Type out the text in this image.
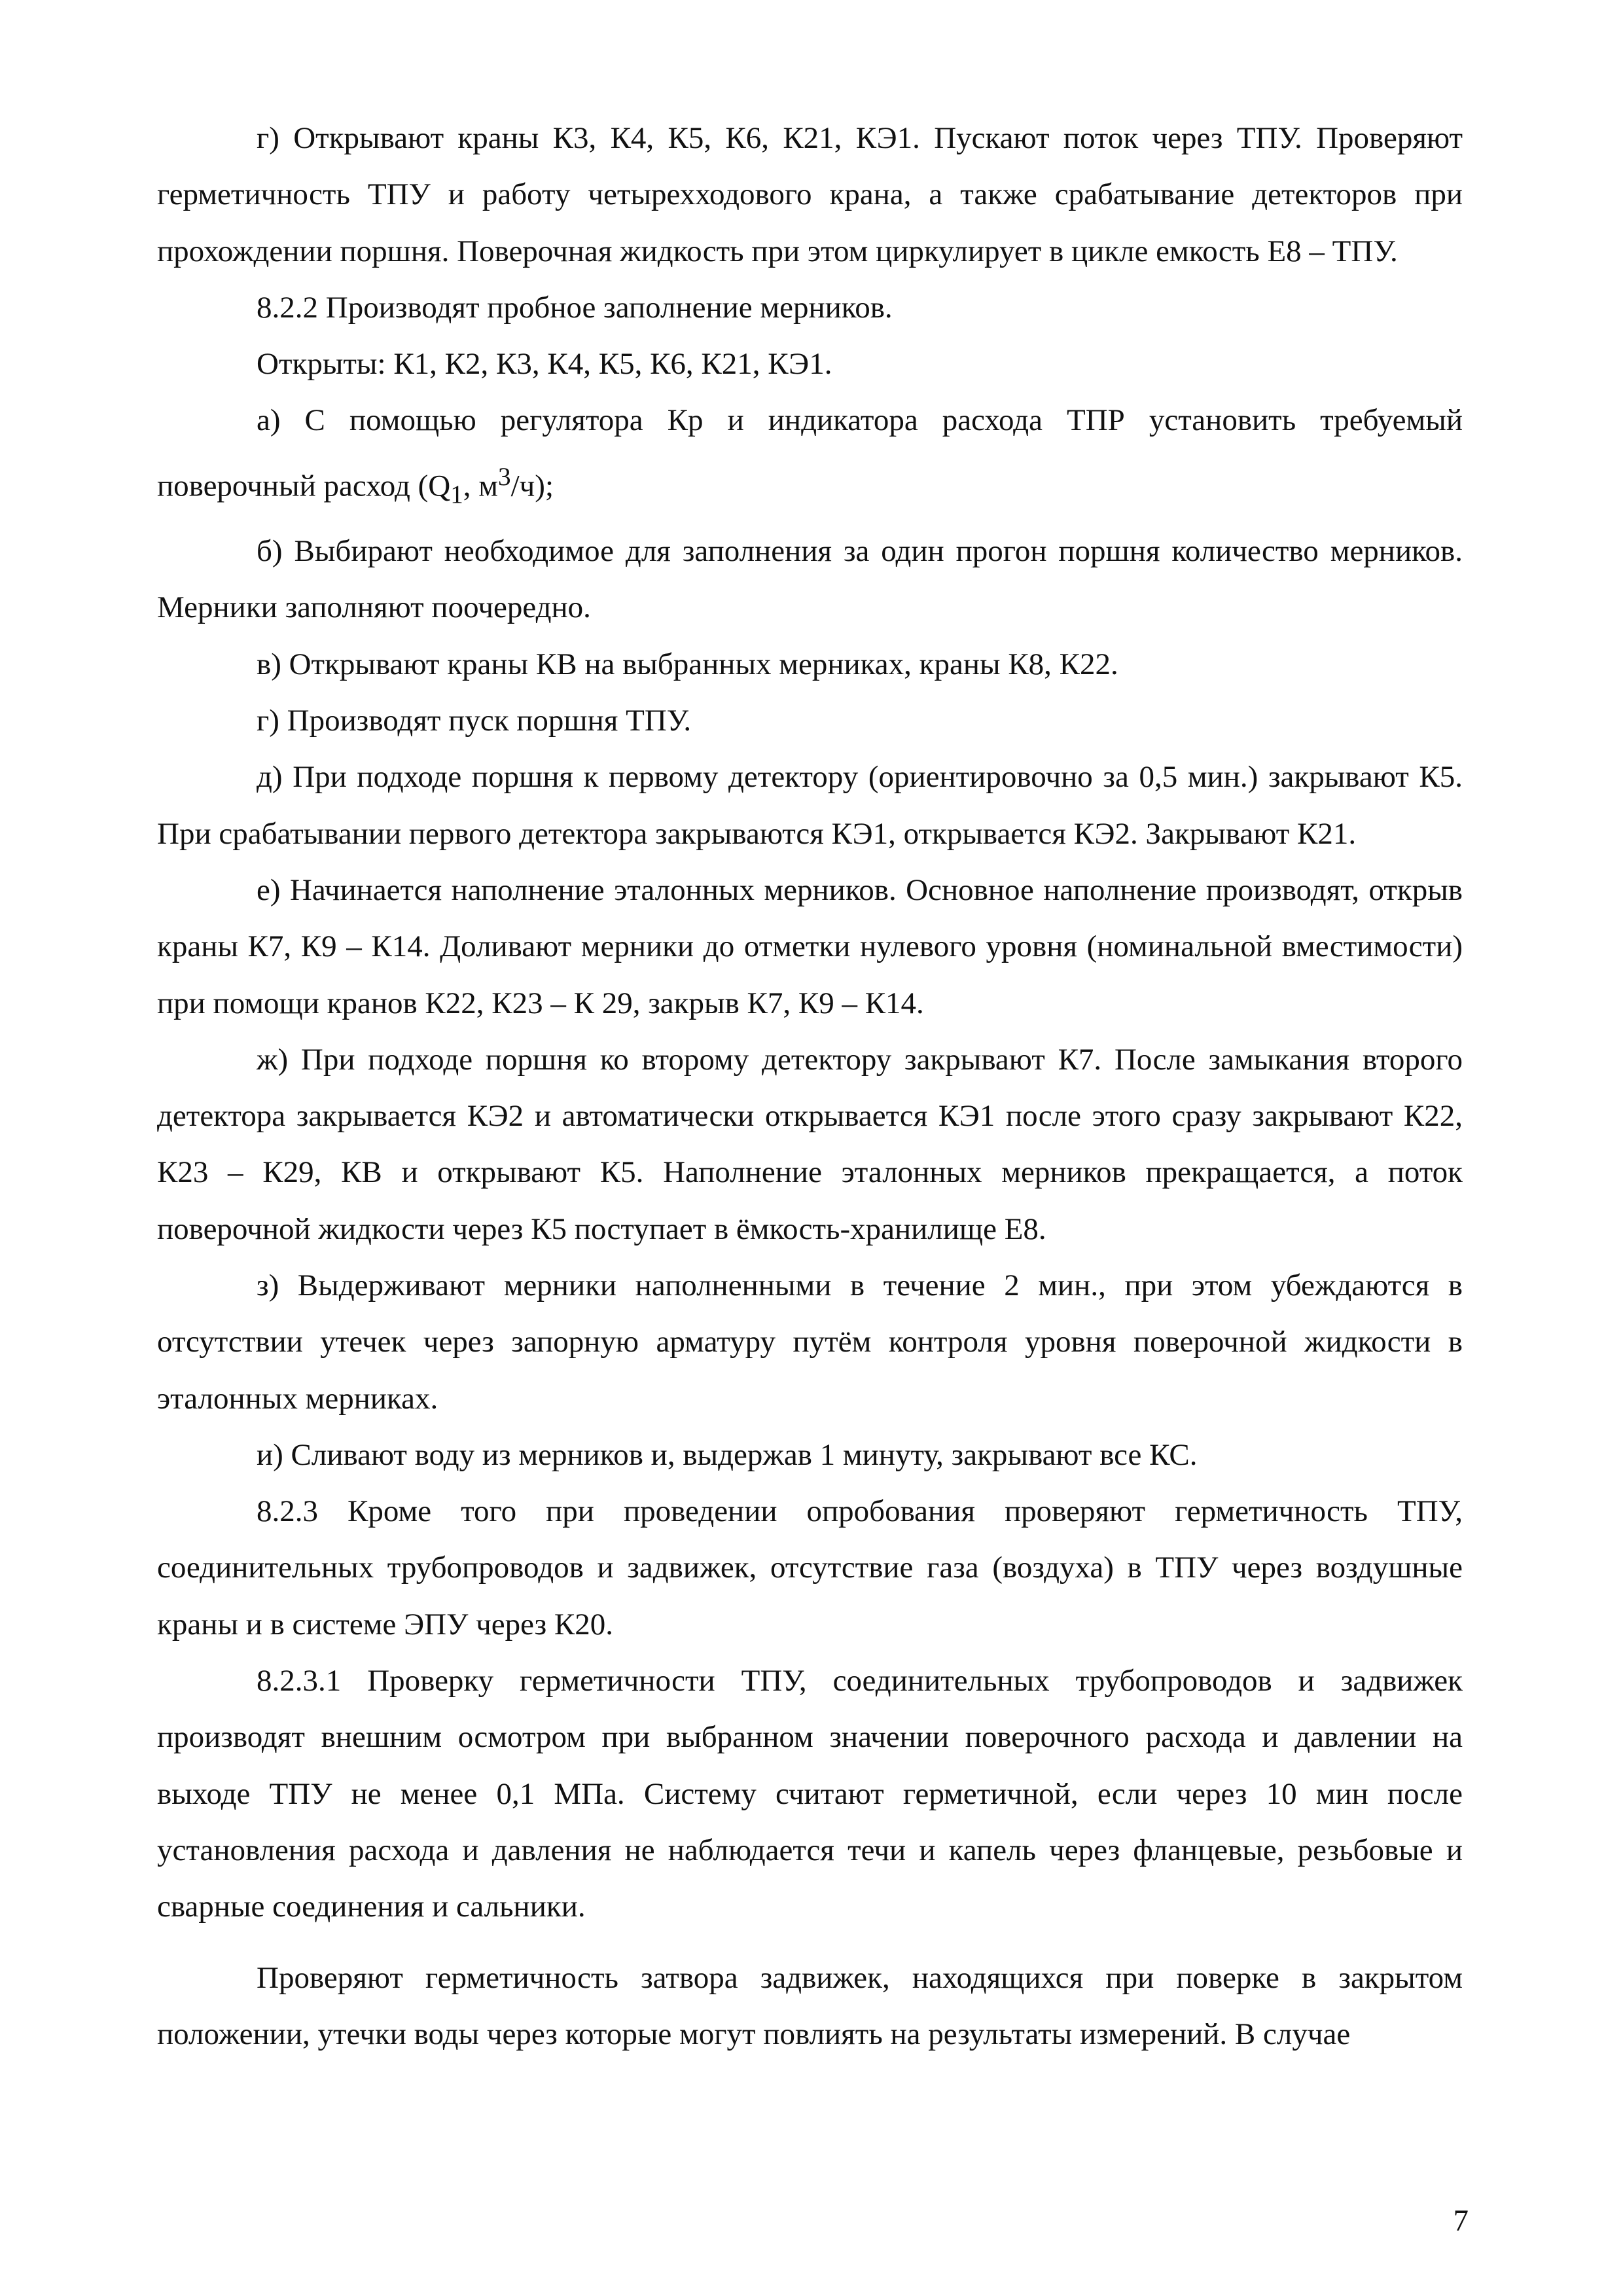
г) Открывают краны К3, К4, К5, К6, К21, КЭ1. Пускают поток через ТПУ. Проверяют герметичность ТПУ и работу четырехходового крана, а также срабатывание детекторов при прохождении поршня. Поверочная жидкость при этом циркулирует в цикле емкость Е8 – ТПУ.

8.2.2 Производят пробное заполнение мерников.

Открыты: К1, К2, К3, К4, К5, К6, К21, КЭ1.

а) С помощью регулятора Кр и индикатора расхода ТПР установить требуемый поверочный расход ($Q_1$, $м^3/ч$);

б) Выбирают необходимое для заполнения за один прогон поршня количество мерников. Мерники заполняют поочередно.

в) Открывают краны КВ на выбранных мерниках, краны К8, К22.

г) Производят пуск поршня ТПУ.

д) При подходе поршня к первому детектору (ориентировочно за 0,5 мин.) закрывают К5. При срабатывании первого детектора закрываются КЭ1, открывается КЭ2. Закрывают К21.

е) Начинается наполнение эталонных мерников. Основное наполнение производят, открыв краны К7, К9 – К14. Доливают мерники до отметки нулевого уровня (номинальной вместимости) при помощи кранов К22, К23 – К 29, закрыв К7, К9 – К14.

ж) При подходе поршня ко второму детектору закрывают К7. После замыкания второго детектора закрывается КЭ2 и автоматически открывается КЭ1 после этого сразу закрывают К22, К23 – К29, КВ и открывают К5. Наполнение эталонных мерников прекращается, а поток поверочной жидкости через К5 поступает в ёмкость-хранилище Е8.

з) Выдерживают мерники наполненными в течение 2 мин., при этом убеждаются в отсутствии утечек через запорную арматуру путём контроля уровня поверочной жидкости в эталонных мерниках.

и) Сливают воду из мерников и, выдержав 1 минуту, закрывают все КС.

8.2.3 Кроме того при проведении опробования проверяют герметичность ТПУ, соединительных трубопроводов и задвижек, отсутствие газа (воздуха) в ТПУ через воздушные краны и в системе ЭПУ через К20.

8.2.3.1 Проверку герметичности ТПУ, соединительных трубопроводов и задвижек производят внешним осмотром при выбранном значении поверочного расхода и давлении на выходе ТПУ не менее 0,1 МПа. Систему считают герметичной, если через 10 мин после установления расхода и давления не наблюдается течи и капель через фланцевые, резьбовые и сварные соединения и сальники.

Проверяют герметичность затвора задвижек, находящихся при поверке в закрытом положении, утечки воды через которые могут повлиять на результаты измерений. В случае

7
